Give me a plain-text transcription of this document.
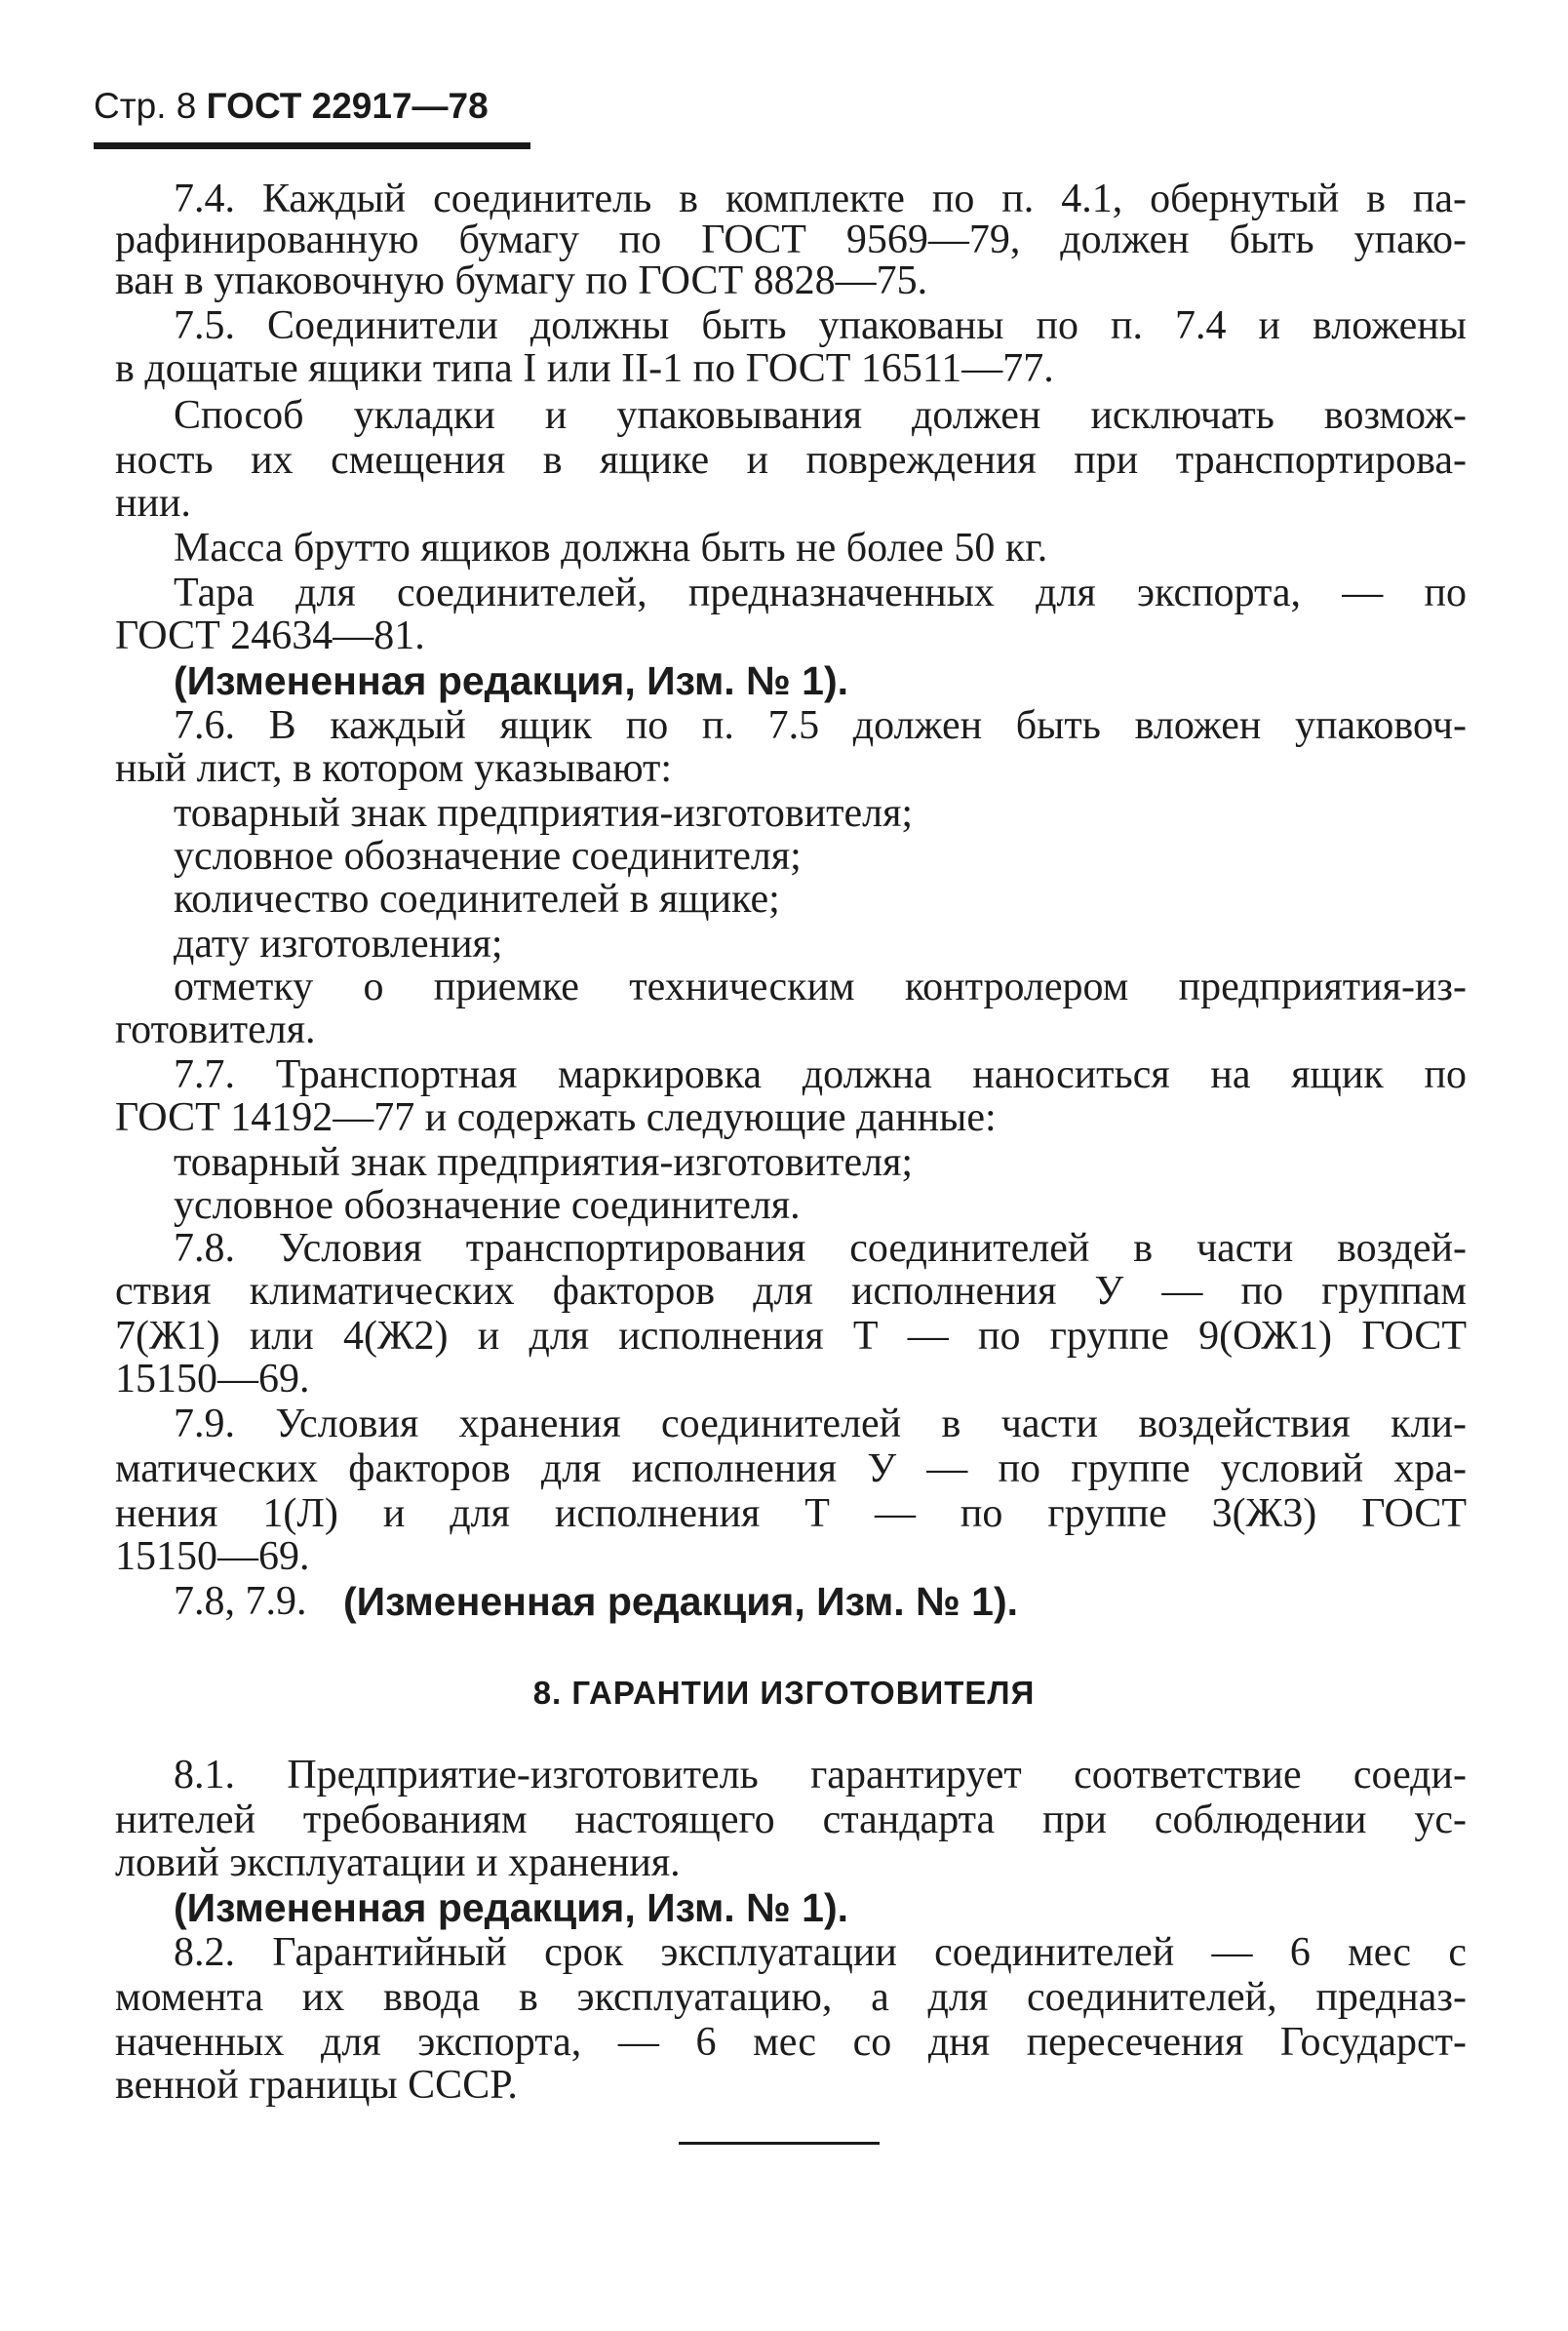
Стр. 8 ГОСТ 22917—78
7.4. Каждый соединитель в комплекте по п. 4.1, обернутый в па-
рафинированную бумагу по ГОСТ 9569—79, должен быть упако-
ван в упаковочную бумагу по ГОСТ 8828—75.
7.5. Соединители должны быть упакованы по п. 7.4 и вложены
в дощатые ящики типа I или II-1 по ГОСТ 16511—77.
Способ укладки и упаковывания должен исключать возмож-
ность их смещения в ящике и повреждения при транспортирова-
нии.
Масса брутто ящиков должна быть не более 50 кг.
Тара для соединителей, предназначенных для экспорта, — по
ГОСТ 24634—81.
(Измененная редакция, Изм. № 1).
7.6. В каждый ящик по п. 7.5 должен быть вложен упаковоч-
ный лист, в котором указывают:
товарный знак предприятия-изготовителя;
условное обозначение соединителя;
количество соединителей в ящике;
дату изготовления;
отметку о приемке техническим контролером предприятия-из-
готовителя.
7.7. Транспортная маркировка должна наноситься на ящик по
ГОСТ 14192—77 и содержать следующие данные:
товарный знак предприятия-изготовителя;
условное обозначение соединителя.
7.8. Условия транспортирования соединителей в части воздей-
ствия климатических факторов для исполнения У — по группам
7(Ж1) или 4(Ж2) и для исполнения Т — по группе 9(ОЖ1) ГОСТ
15150—69.
7.9. Условия хранения соединителей в части воздействия кли-
матических факторов для исполнения У — по группе условий хра-
нения 1(Л) и для исполнения Т — по группе 3(Ж3) ГОСТ
15150—69.
7.8, 7.9. (Измененная редакция, Изм. № 1).
8. ГАРАНТИИ ИЗГОТОВИТЕЛЯ
8.1. Предприятие-изготовитель гарантирует соответствие соеди-
нителей требованиям настоящего стандарта при соблюдении ус-
ловий эксплуатации и хранения.
(Измененная редакция, Изм. № 1).
8.2. Гарантийный срок эксплуатации соединителей — 6 мес с
момента их ввода в эксплуатацию, а для соединителей, предназ-
наченных для экспорта, — 6 мес со дня пересечения Государст-
венной границы СССР.
